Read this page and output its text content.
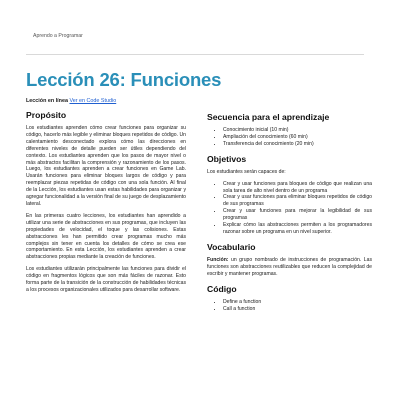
Aprendo a Programar
Lección 26: Funciones
Lección en línea Ver en Code Studio
Propósito

Los estudiantes aprenden cómo crear funciones para organizar su código, hacerlo más legible y eliminar bloques repetidos de código. Un calentamiento desconectado explora cómo las direcciones en diferentes niveles de detalle pueden ser útiles dependiendo del contexto. Los estudiantes aprenden que los pasos de mayor nivel o más abstractos facilitan la comprensión y razonamiento de los pasos. Luego, los estudiantes aprenden a crear funciones en Game Lab. Usarán funciones para eliminar bloques largos de código y para reemplazar piezas repetidas de código con una sola función. Al final de la Lección, los estudiantes usan estas habilidades para organizar y agregar funcionalidad a la versión final de su juego de desplazamiento lateral.

En las primeras cuatro lecciones, los estudiantes han aprendido a utilizar una serie de abstracciones en sus programas, que incluyen las propiedades de velocidad, el toque y las colisiones. Estas abstracciones les han permitido crear programas mucho más complejos sin tener en cuenta los detalles de cómo se crea ese comportamiento. En esta Lección, los estudiantes aprenden a crear abstracciones propias mediante la creación de funciones.

Los estudiantes utilizarán principalmente las funciones para dividir el código en fragmentos lógicos que son más fáciles de razonar. Esto forma parte de la transición de la construcción de habilidades técnicas a los procesos organizacionales utilizados para desarrollar software.

Secuencia para el aprendizaje
• Conocimiento inicial (10 min)
• Ampliación del conocimiento (60 min)
• Transferencia del conocimiento (20 min)
Objetivos

Los estudiantes serán capaces de:

• Crear y usar funciones para bloques de código que realizan una sola tarea de alto nivel dentro de un programa
• Crear y usar funciones para eliminar bloques repetidos de código de sus programas
• Crear y usar funciones para mejorar la legibilidad de sus programas
• Explicar cómo las abstracciones permiten a los programadores razonar sobre un programa en un nivel superior.
Vocabulario

Función: un grupo nombrado de instrucciones de programación. Las funciones son abstracciones reutilizables que reducen la complejidad de escribir y mantener programas.

Código
• Define a function
• Call a function
